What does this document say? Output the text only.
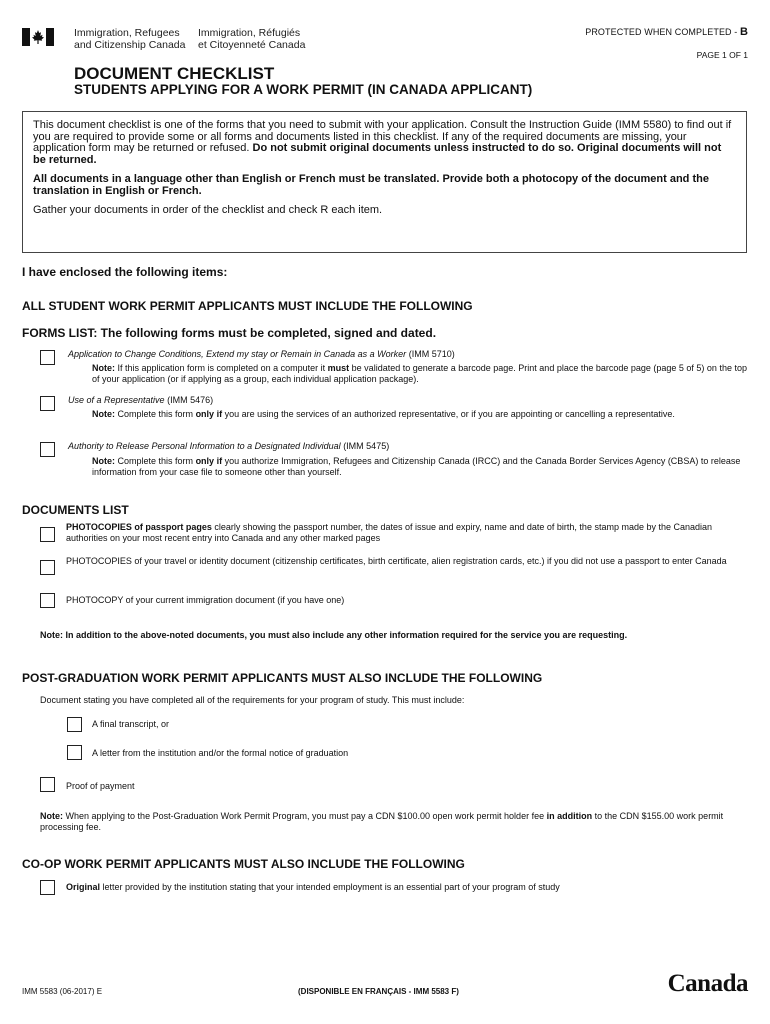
Immigration, Refugees
and Citizenship Canada
Immigration, Réfugiés
et Citoyenneté Canada
PROTECTED WHEN COMPLETED - B
PAGE 1 OF 1
DOCUMENT CHECKLIST
STUDENTS APPLYING FOR A WORK PERMIT (IN CANADA APPLICANT)

This document checklist is one of the forms that you need to submit with your application. Consult the Instruction Guide (IMM 5580) to find out if you are required to provide some or all forms and documents listed in this checklist. If any of the required documents are missing, your application form may be returned or refused. Do not submit original documents unless instructed to do so. Original documents will not be returned.

All documents in a language other than English or French must be translated. Provide both a photocopy of the document and the translation in English or French.

Gather your documents in order of the checklist and check R each item.

I have enclosed the following items:
ALL STUDENT WORK PERMIT APPLICANTS MUST INCLUDE THE FOLLOWING
FORMS LIST: The following forms must be completed, signed and dated.
Application to Change Conditions, Extend my stay or Remain in Canada as a Worker (IMM 5710)
Note: If this application form is completed on a computer it must be validated to generate a barcode page. Print and place the barcode page (page 5 of 5) on the top of your application (or if applying as a group, each individual application package).
Use of a Representative (IMM 5476)
Note: Complete this form only if you are using the services of an authorized representative, or if you are appointing or cancelling a representative.
Authority to Release Personal Information to a Designated Individual (IMM 5475)
Note: Complete this form only if you authorize Immigration, Refugees and Citizenship Canada (IRCC) and the Canada Border Services Agency (CBSA) to release information from your case file to someone other than yourself.
DOCUMENTS LIST
PHOTOCOPIES of passport pages clearly showing the passport number, the dates of issue and expiry, name and date of birth, the stamp made by the Canadian authorities on your most recent entry into Canada and any other marked pages
PHOTOCOPIES of your travel or identity document (citizenship certificates, birth certificate, alien registration cards, etc.) if you did not use a passport to enter Canada
PHOTOCOPY of your current immigration document (if you have one)
Note: In addition to the above-noted documents, you must also include any other information required for the service you are requesting.
POST-GRADUATION WORK PERMIT APPLICANTS MUST ALSO INCLUDE THE FOLLOWING
Document stating you have completed all of the requirements for your program of study. This must include:
A final transcript, or
A letter from the institution and/or the formal notice of graduation
Proof of payment
Note: When applying to the Post-Graduation Work Permit Program, you must pay a CDN $100.00 open work permit holder fee in addition to the CDN $155.00 work permit processing fee.
CO-OP WORK PERMIT APPLICANTS MUST ALSO INCLUDE THE FOLLOWING
Original letter provided by the institution stating that your intended employment is an essential part of your program of study
IMM 5583 (06-2017) E	(DISPONIBLE EN FRANÇAIS - IMM 5583 F)	Canada
